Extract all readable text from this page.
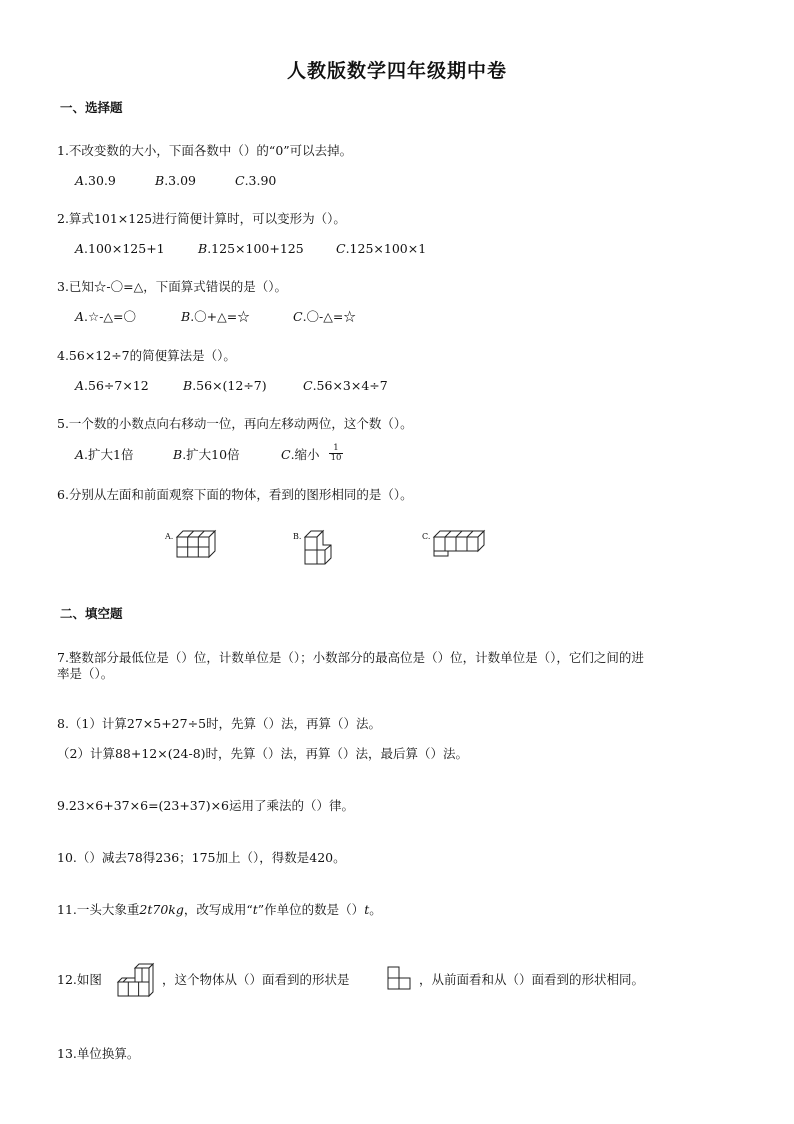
人教版数学四年级期中卷
一、选择题
1.不改变数的大小，下面各数中（）的“0”可以去掉。
A.30.9	B.3.09	C.3.90
2.算式101×125进行简便计算时，可以变形为（）。
A.100×125+1	B.125×100+125	C.125×100×1
3.已知☆-〇=△，下面算式错误的是（）。
A.☆-△=〇	B.〇+△=☆	C.〇-△=☆
4.56×12÷7的简便算法是（）。
A.56÷7×12	B.56×(12÷7)	C.56×3×4÷7
5.一个数的小数点向右移动一位，再向左移动两位，这个数（）。
A.扩大1倍	B.扩大10倍	C.缩小 $\frac{1}{10}$
6.分别从左面和前面观察下面的物体，看到的图形相同的是（）。
A.	B.	C.
二、填空题
7.整数部分最低位是（）位，计数单位是（）；小数部分的最高位是（）位，计数单位是（），它们之间的进
率是（）。
8.（1）计算27×5+27÷5时，先算（）法，再算（）法。
（2）计算88+12×(24-8)时，先算（）法，再算（）法，最后算（）法。
9.23×6+37×6=(23+37)×6运用了乘法的（）律。
10.（）减去78得236；175加上（），得数是420。
11.一头大象重2t70kg，改写成用“t”作单位的数是（）t。
12.如图	，这个物体从（）面看到的形状是	，从前面看和从（）面看到的形状相同。
13.单位换算。
